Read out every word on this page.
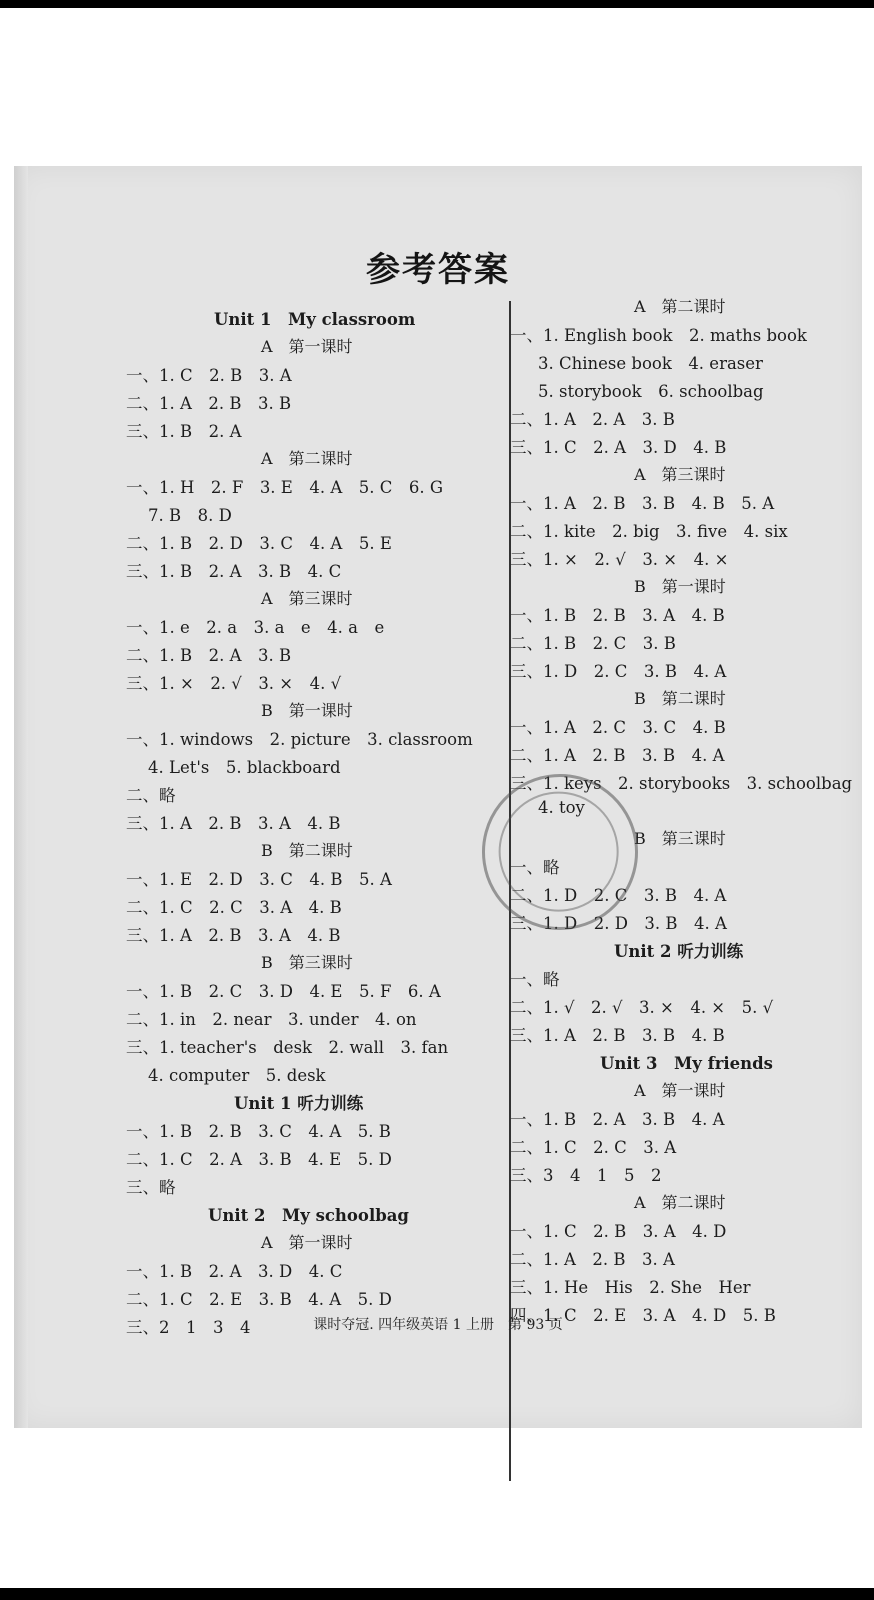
参考答案
Unit 1　My classroom
A　第一课时
一、1. C　2. B　3. A
二、1. A　2. B　3. B
三、1. B　2. A
A　第二课时
一、1. H　2. F　3. E　4. A　5. C　6. G
7. B　8. D
二、1. B　2. D　3. C　4. A　5. E
三、1. B　2. A　3. B　4. C
A　第三课时
一、1. e　2. a　3. a　e　4. a　e
二、1. B　2. A　3. B
三、1. ×　2. √　3. ×　4. √
B　第一课时
一、1. windows　2. picture　3. classroom
4. Let's　5. blackboard
二、略
三、1. A　2. B　3. A　4. B
B　第二课时
一、1. E　2. D　3. C　4. B　5. A
二、1. C　2. C　3. A　4. B
三、1. A　2. B　3. A　4. B
B　第三课时
一、1. B　2. C　3. D　4. E　5. F　6. A
二、1. in　2. near　3. under　4. on
三、1. teacher's　desk　2. wall　3. fan
4. computer　5. desk
Unit 1 听力训练
一、1. B　2. B　3. C　4. A　5. B
二、1. C　2. A　3. B　4. E　5. D
三、略
Unit 2　My schoolbag
A　第一课时
一、1. B　2. A　3. D　4. C
二、1. C　2. E　3. B　4. A　5. D
三、2　1　3　4
A　第二课时
一、1. English book　2. maths book
3. Chinese book　4. eraser
5. storybook　6. schoolbag
二、1. A　2. A　3. B
三、1. C　2. A　3. D　4. B
A　第三课时
一、1. A　2. B　3. B　4. B　5. A
二、1. kite　2. big　3. five　4. six
三、1. ×　2. √　3. ×　4. ×
B　第一课时
一、1. B　2. B　3. A　4. B
二、1. B　2. C　3. B
三、1. D　2. C　3. B　4. A
B　第二课时
一、1. A　2. C　3. C　4. B
二、1. A　2. B　3. B　4. A
三、1. keys　2. storybooks　3. schoolbag
4. toy
B　第三课时
一、略
二、1. D　2. C　3. B　4. A
三、1. D　2. D　3. B　4. A
Unit 2 听力训练
一、略
二、1. √　2. √　3. ×　4. ×　5. √
三、1. A　2. B　3. B　4. B
Unit 3　My friends
A　第一课时
一、1. B　2. A　3. B　4. A
二、1. C　2. C　3. A
三、3　4　1　5　2
A　第二课时
一、1. C　2. B　3. A　4. D
二、1. A　2. B　3. A
三、1. He　His　2. She　Her
四、1. C　2. E　3. A　4. D　5. B
课时夺冠. 四年级英语 1 上册　第 93 页
